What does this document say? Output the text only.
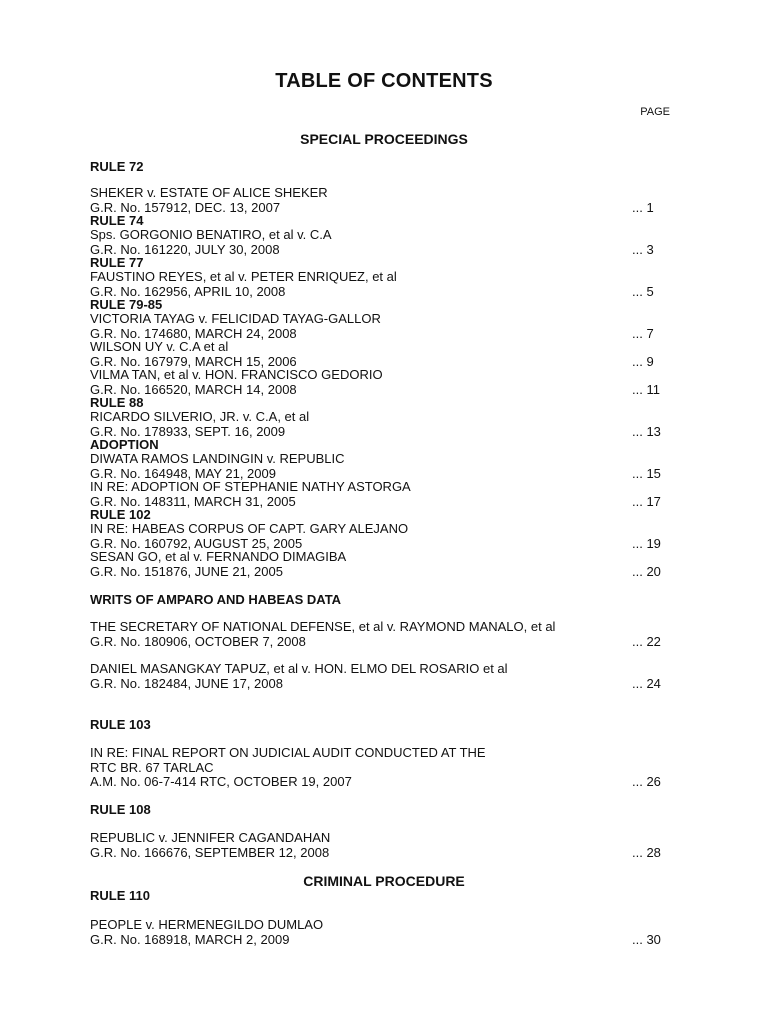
TABLE OF CONTENTS
PAGE
SPECIAL PROCEEDINGS
RULE 72
SHEKER v. ESTATE OF ALICE SHEKER
G.R. No. 157912, DEC. 13, 2007	... 1
RULE 74
Sps. GORGONIO BENATIRO, et al v. C.A
G.R. No. 161220, JULY 30, 2008	... 3
RULE 77
FAUSTINO REYES, et al v. PETER ENRIQUEZ, et al
G.R. No. 162956, APRIL 10, 2008	... 5
RULE 79-85
VICTORIA TAYAG v. FELICIDAD TAYAG-GALLOR
G.R. No. 174680, MARCH 24, 2008	... 7
WILSON UY v. C.A et al
G.R. No. 167979, MARCH 15, 2006	... 9
VILMA TAN, et al v. HON. FRANCISCO GEDORIO
G.R. No. 166520, MARCH 14, 2008	... 11
RULE 88
RICARDO SILVERIO, JR. v. C.A, et al
G.R. No. 178933, SEPT. 16, 2009	... 13
ADOPTION
DIWATA RAMOS LANDINGIN v. REPUBLIC
G.R. No. 164948, MAY 21, 2009	... 15
IN RE: ADOPTION OF STEPHANIE NATHY ASTORGA
G.R. No. 148311, MARCH 31, 2005	... 17
RULE 102
IN RE: HABEAS CORPUS OF CAPT. GARY ALEJANO
G.R. No. 160792, AUGUST 25, 2005	... 19
SESAN GO, et al v. FERNANDO DIMAGIBA
G.R. No. 151876, JUNE 21, 2005	... 20
WRITS OF AMPARO AND HABEAS DATA
THE SECRETARY OF NATIONAL DEFENSE, et al v. RAYMOND MANALO, et al
G.R. No. 180906, OCTOBER 7, 2008	... 22
DANIEL MASANGKAY TAPUZ, et al v. HON. ELMO DEL ROSARIO et al
G.R. No. 182484, JUNE 17, 2008	... 24
RULE 103
IN RE: FINAL REPORT ON JUDICIAL AUDIT CONDUCTED AT THE
RTC BR. 67 TARLAC
A.M. No. 06-7-414 RTC, OCTOBER 19, 2007	... 26
RULE 108
REPUBLIC v. JENNIFER CAGANDAHAN
G.R. No. 166676, SEPTEMBER 12, 2008	... 28
CRIMINAL PROCEDURE
RULE 110
PEOPLE v. HERMENEGILDO DUMLAO
G.R. No. 168918, MARCH 2, 2009	... 30
